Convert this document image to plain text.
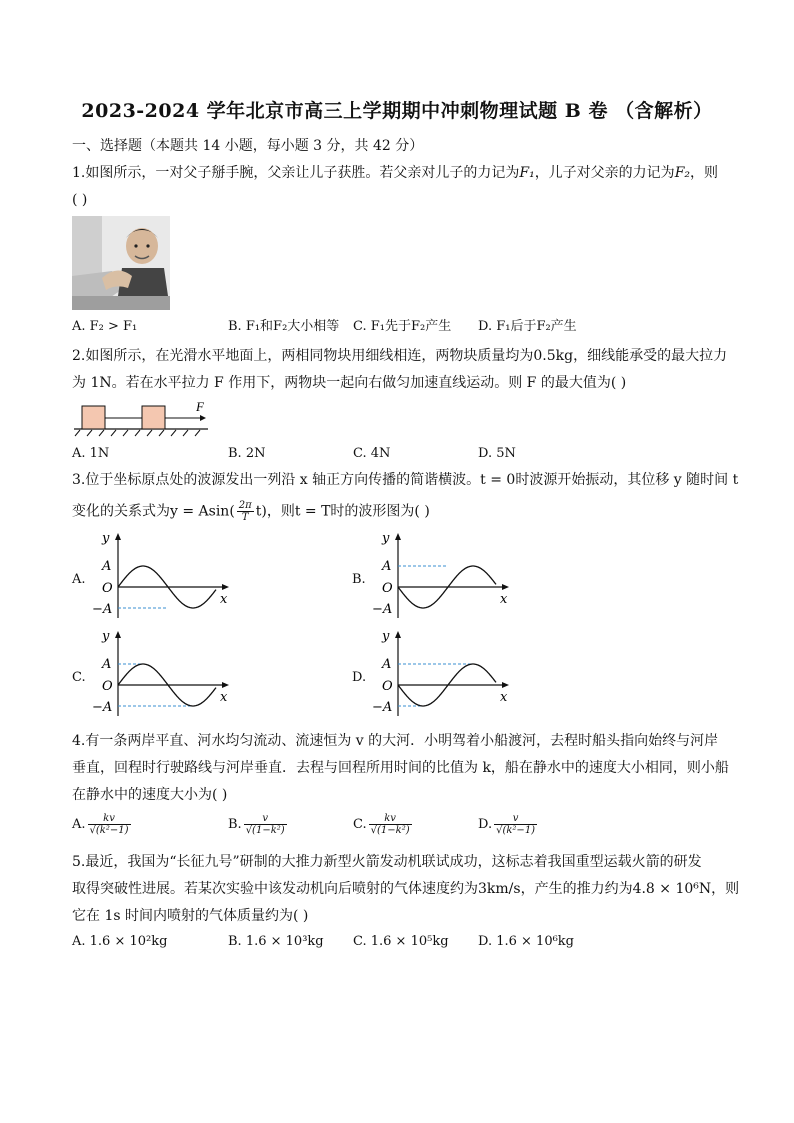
2023-2024 学年北京市高三上学期期中冲刺物理试题 B 卷 （含解析）
一、选择题（本题共 14 小题，每小题 3 分，共 42 分）
1.如图所示，一对父子掰手腕，父亲让儿子获胜。若父亲对儿子的力记为F₁，儿子对父亲的力记为F₂，则
( )
A. F₂ > F₁	B. F₁和F₂大小相等 C. F₁先于F₂产生 D. F₁后于F₂产生
2.如图所示，在光滑水平地面上，两相同物块用细线相连，两物块质量均为0.5kg，细线能承受的最大拉力
为 1N。若在水平拉力 F 作用下，两物块一起向右做匀加速直线运动。则 F 的最大值为( )
F
A. 1N	B. 2N	C. 4N	D. 5N
3.位于坐标原点处的波源发出一列沿 x 轴正方向传播的简谐横波。t = 0时波源开始振动，其位移 y 随时间 t
变化的关系式为$y = Asin( \frac{2\pi}{T} t)$，则t = T时的波形图为( )
A.	B.
C.	D.
y
x
A
O
−A
y
x
A
O
−A
y
x
A
O
−A
y
x
A
O
−A
4.有一条两岸平直、河水均匀流动、流速恒为 v 的大河．小明驾着小船渡河，去程时船头指向始终与河岸
垂直，回程时行驶路线与河岸垂直．去程与回程所用时间的比值为 k，船在静水中的速度大小相同，则小船
在静水中的速度大小为( )
A. $\frac{kv}{\text{√(k²−1)}}$	B. $\frac{v}{\text{√(1−k²)}}$	C. $\frac{kv}{\text{√(1−k²)}}$	D. $\frac{v}{\text{√(k²−1)}}$
5.最近，我国为“长征九号”研制的大推力新型火箭发动机联试成功，这标志着我国重型运载火箭的研发
取得突破性进展。若某次实验中该发动机向后喷射的气体速度约为3km/s，产生的推力约为4.8 × 10⁶N，则
它在 1s 时间内喷射的气体质量约为( )
A. 1.6 × 10²kg	B. 1.6 × 10³kg C. 1.6 × 10⁵kg D. 1.6 × 10⁶kg
